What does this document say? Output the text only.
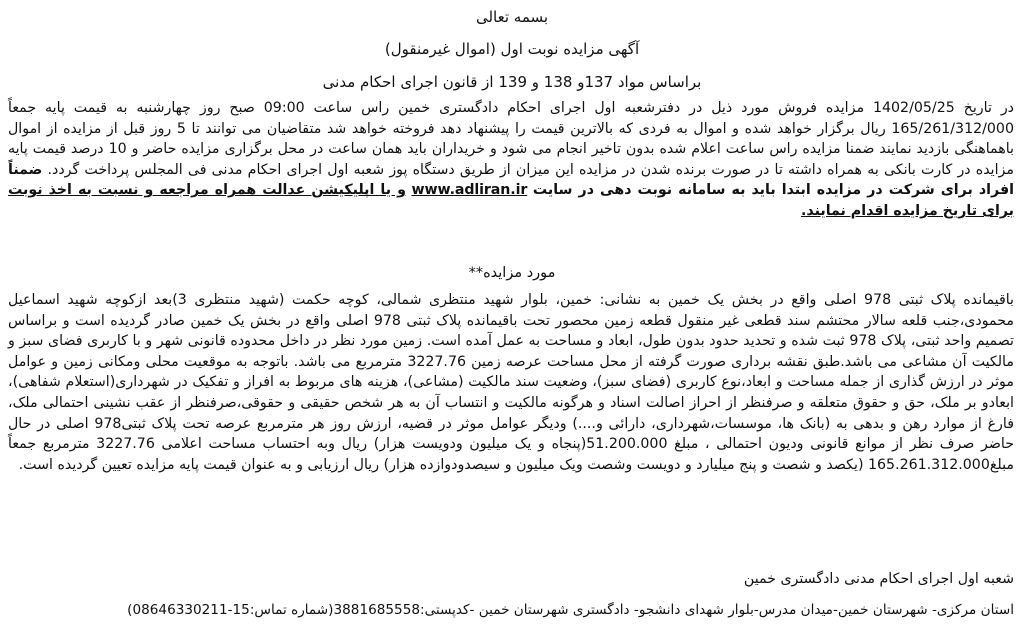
بسمه تعالی
آگهی مزایده نوبت اول (اموال غیرمنقول)
براساس مواد 137و 138 و 139 از قانون اجرای احکام مدنی
در تاریخ 1402/05/25 مزایده فروش مورد ذیل در دفترشعبه اول اجرای احکام دادگستری خمین راس ساعت 09:00 صبح روز چهارشنبه به قیمت پایه جمعاً 165/261/312/000 ریال برگزار خواهد شده و اموال به فردی که بالاترین قیمت را پیشنهاد دهد فروخته خواهد شد متقاضیان می توانند تا 5 روز قبل از مزایده از اموال باهماهنگی بازدید نمایند ضمنا مزایده راس ساعت اعلام شده بدون تاخیر انجام می شود و خریداران باید همان ساعت در محل برگزاری مزایده حاضر و 10 درصد قیمت پایه مزایده در کارت بانکی به همراه داشته تا در صورت برنده شدن در مزایده این میزان از طریق دستگاه پوز شعبه اول اجرای احکام مدنی فی المجلس پرداخت گردد. ضمناً افراد برای شرکت در مزایده ابتدا باید به سامانه نوبت دهی در سایت www.adliran.ir و یا اپلیکیشن عدالت همراه مراجعه و نسبت به اخذ نوبت برای تاریخ مزایده اقدام نمایند.
مورد مزایده**
باقیمانده پلاک ثبتی 978 اصلی واقع در بخش یک خمین به نشانی: خمین، بلوار شهید منتظری شمالی، کوچه حکمت (شهید منتظری 3)بعد ازکوچه شهید اسماعیل محمودی،جنب قلعه سالار محتشم سند قطعی غیر منقول قطعه زمین محصور تحت باقیمانده پلاک ثبتی 978 اصلی واقع در بخش یک خمین صادر گردیده است و براساس تصمیم واحد ثبتی، پلاک 978 ثبت شده و تحدید حدود بدون طول، ابعاد و مساحت به عمل آمده است. زمین مورد نظر در داخل محدوده قانونی شهر و با کاربری فضای سبز و مالکیت آن مشاعی می باشد.طبق نقشه برداری صورت گرفته از محل مساحت عرصه زمین 3227.76 مترمربع می باشد. باتوجه به موقعیت محلی ومکانی زمین و عوامل موثر در ارزش گذاری از جمله مساحت و ابعاد،نوع کاربری (فضای سبز)، وضعیت سند مالکیت (مشاعی)، هزینه های مربوط به افراز و تفکیک در شهرداری(استعلام شفاهی)، ابعادو بر ملک، حق و حقوق متعلقه و صرفنظر از احراز اصالت اسناد و هرگونه مالکیت و انتساب آن به هر شخص حقیقی و حقوقی،صرفنظر از عقب نشینی احتمالی ملک، فارغ از موارد رهن و بدهی به (بانک ها، موسسات،شهرداری، دارائی و....) ودیگر عوامل موثر در قضیه، ارزش روز هر مترمربع عرصه تحت پلاک ثبتی978 اصلی در حال حاضر صرف نظر از موانع قانونی ودیون احتمالی ، مبلغ 51.200.000(پنجاه و یک میلیون ودویست هزار) ریال وبه احتساب مساحت اعلامی 3227.76 مترمربع جمعاً مبلغ165.261.312.000 (یکصد و شصت و پنج میلیارد و دویست وشصت ویک میلیون و سیصدودوازده هزار) ریال ارزیابی و به عنوان قیمت پایه مزایده تعیین گردیده است.
شعبه اول اجرای احکام مدنی دادگستری خمین
استان مرکزی- شهرستان خمین-میدان مدرس-بلوار شهدای دانشجو- دادگستری شهرستان خمین -کدپستی:3881685558(شماره تماس:15-08646330211)
